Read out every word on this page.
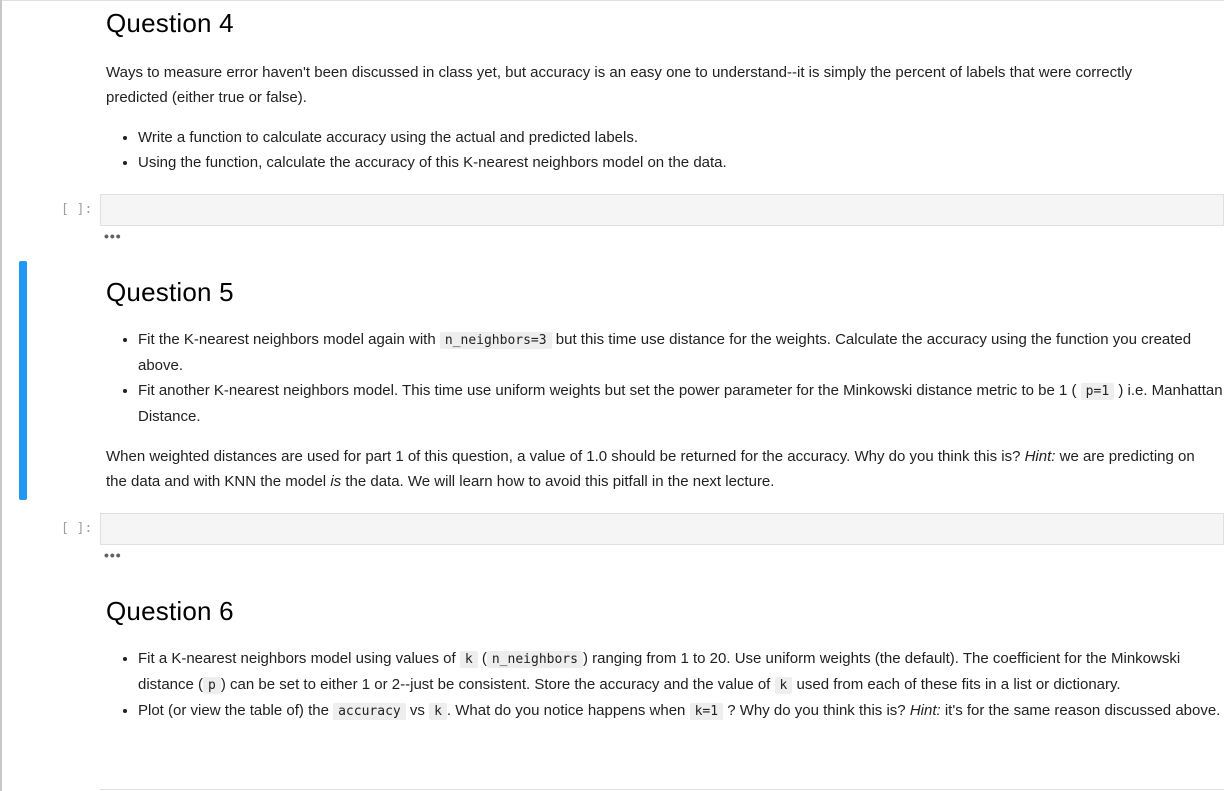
Question 4

Ways to measure error haven't been discussed in class yet, but accuracy is an easy one to understand--it is simply the percent of labels that were correctly predicted (either true or false).

• Write a function to calculate accuracy using the actual and predicted labels.
• Using the function, calculate the accuracy of this K-nearest neighbors model on the data.
[ ]:
•••
Question 5
• Fit the K-nearest neighbors model again with n_neighbors=3 but this time use distance for the weights. Calculate the accuracy using the function you created above.
• Fit another K-nearest neighbors model. This time use uniform weights but set the power parameter for the Minkowski distance metric to be 1 ( p=1 ) i.e. Manhattan Distance.

When weighted distances are used for part 1 of this question, a value of 1.0 should be returned for the accuracy. Why do you think this is? Hint: we are predicting on the data and with KNN the model is the data. We will learn how to avoid this pitfall in the next lecture.

[ ]:
•••
Question 6
• Fit a K-nearest neighbors model using values of k ( n_neighbors ) ranging from 1 to 20. Use uniform weights (the default). The coefficient for the Minkowski distance ( p ) can be set to either 1 or 2--just be consistent. Store the accuracy and the value of k used from each of these fits in a list or dictionary.
• Plot (or view the table of) the accuracy vs k . What do you notice happens when k=1 ? Why do you think this is? Hint: it's for the same reason discussed above.
